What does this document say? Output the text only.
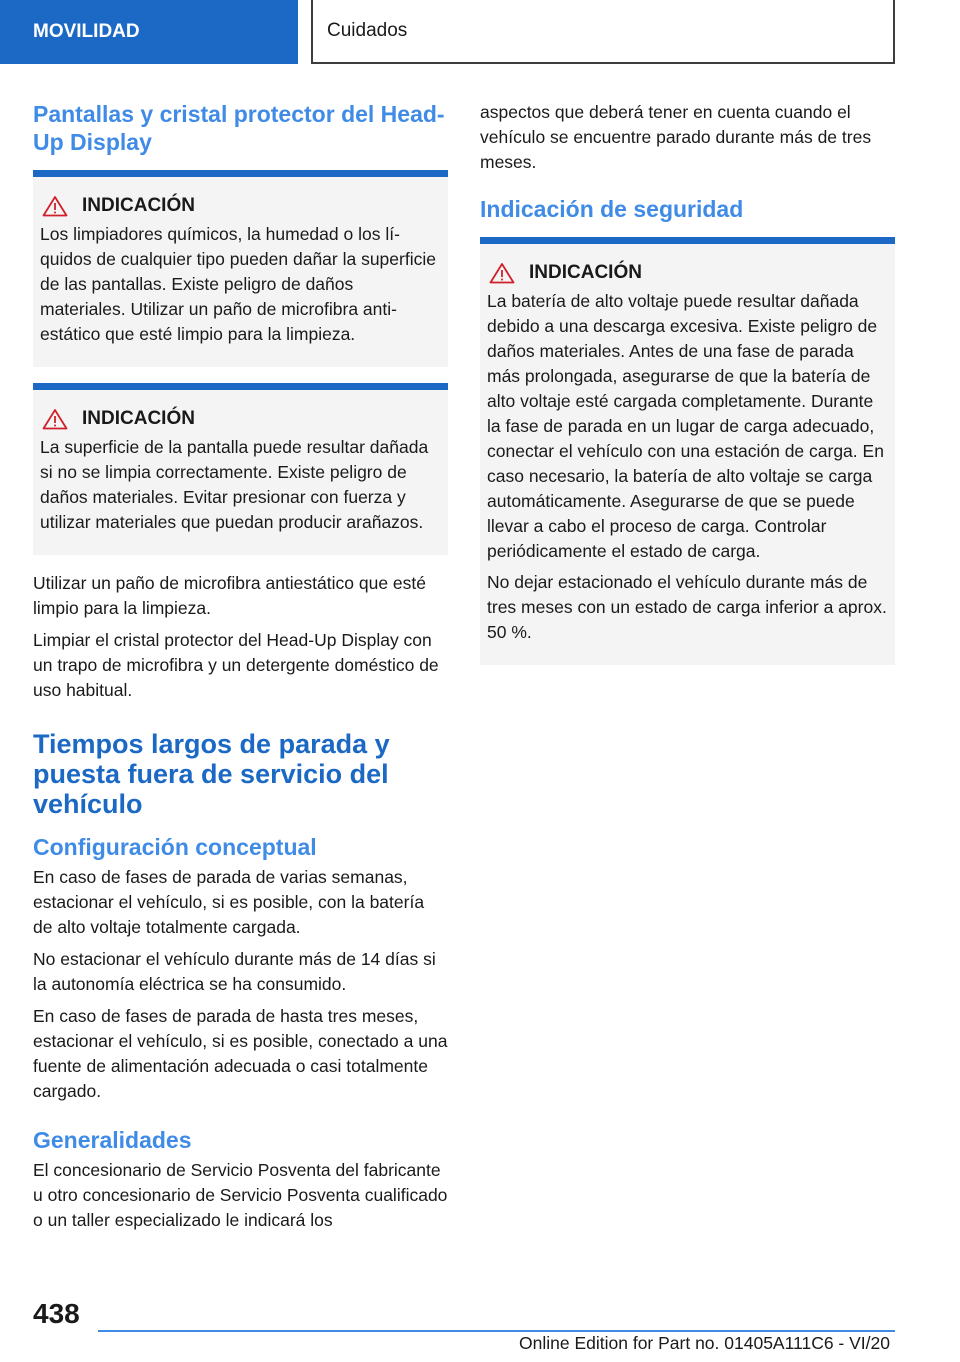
MOVILIDAD	Cuidados
Pantallas y cristal protector del Head-Up Display
INDICACIÓN

Los limpiadores químicos, la humedad o los líquidos de cualquier tipo pueden dañar la superficie de las pantallas. Existe peligro de daños materiales. Utilizar un paño de microfibra antiestático que esté limpio para la limpieza.

INDICACIÓN

La superficie de la pantalla puede resultar dañada si no se limpia correctamente. Existe peligro de daños materiales. Evitar presionar con fuerza y utilizar materiales que puedan producir arañazos.

Utilizar un paño de microfibra antiestático que esté limpio para la limpieza.

Limpiar el cristal protector del Head-Up Display con un trapo de microfibra y un detergente doméstico de uso habitual.

Tiempos largos de parada y puesta fuera de servicio del vehículo
Configuración conceptual

En caso de fases de parada de varias semanas, estacionar el vehículo, si es posible, con la batería de alto voltaje totalmente cargada.

No estacionar el vehículo durante más de 14 días si la autonomía eléctrica se ha consumido.

En caso de fases de parada de hasta tres meses, estacionar el vehículo, si es posible, conectado a una fuente de alimentación adecuada o casi totalmente cargado.

Generalidades

El concesionario de Servicio Posventa del fabricante u otro concesionario de Servicio Posventa cualificado o un taller especializado le indicará los

aspectos que deberá tener en cuenta cuando el vehículo se encuentre parado durante más de tres meses.

Indicación de seguridad
INDICACIÓN

La batería de alto voltaje puede resultar dañada debido a una descarga excesiva. Existe peligro de daños materiales. Antes de una fase de parada más prolongada, asegurarse de que la batería de alto voltaje esté cargada completamente. Durante la fase de parada en un lugar de carga adecuado, conectar el vehículo con una estación de carga. En caso necesario, la batería de alto voltaje se carga automáticamente. Asegurarse de que se puede llevar a cabo el proceso de carga. Controlar periódicamente el estado de carga.

No dejar estacionado el vehículo durante más de tres meses con un estado de carga inferior a aprox. 50 %.

438
Online Edition for Part no. 01405A111C6 - VI/20
